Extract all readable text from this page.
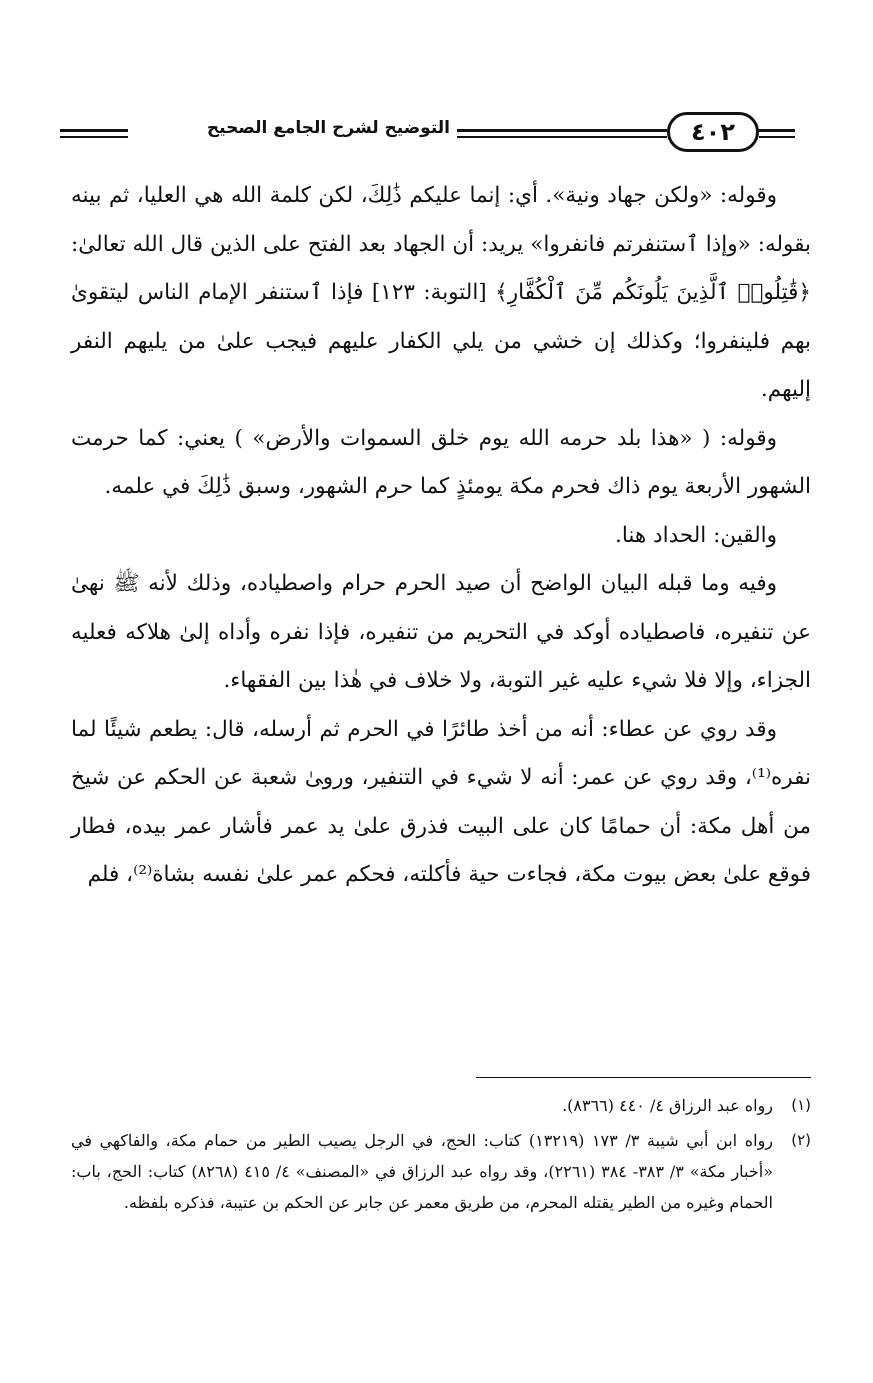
٤٠٢
التوضيح لشرح الجامع الصحيح

وقوله: «ولكن جهاد ونية». أي: إنما عليكم ذَٰلِكَ، لكن كلمة الله هي العليا، ثم بينه بقوله: «وإذا ٱستنفرتم فانفروا» يريد: أن الجهاد بعد الفتح على الذين قال الله تعالىٰ: ﴿قَٰتِلُوا۟ ٱلَّذِينَ يَلُونَكُم مِّنَ ٱلْكُفَّارِ﴾ [التوبة: ١٢٣] فإذا ٱستنفر الإمام الناس ليتقوىٰ بهم فلينفروا؛ وكذلك إن خشي من يلي الكفار عليهم فيجب علىٰ من يليهم النفر إليهم.

وقوله: ( «هذا بلد حرمه الله يوم خلق السموات والأرض» ) يعني: كما حرمت الشهور الأربعة يوم ذاك فحرم مكة يومئذٍ كما حرم الشهور، وسبق ذَٰلِكَ في علمه.

والقين: الحداد هنا.

وفيه وما قبله البيان الواضح أن صيد الحرم حرام واصطياده، وذلك لأنه ﷺ نهىٰ عن تنفيره، فاصطياده أوكد في التحريم من تنفيره، فإذا نفره وأداه إلىٰ هلاكه فعليه الجزاء، وإلا فلا شيء عليه غير التوبة، ولا خلاف في هٰذا بين الفقهاء.

وقد روي عن عطاء: أنه من أخذ طائرًا في الحرم ثم أرسله، قال: يطعم شيئًا لما نفره⁽¹⁾، وقد روي عن عمر: أنه لا شيء في التنفير، ورو‍ىٰ شعبة عن الحكم عن شيخ من أهل مكة: أن حمامًا كان على البيت فذرق علىٰ يد عمر فأشار عمر بيده، فطار فوقع علىٰ بعض بيوت مكة، فجاءت حية فأكلته، فحكم عمر علىٰ نفسه بشاة⁽²⁾، فلم

(١)
رواه عبد الرزاق ٤/ ٤٤٠ (٨٣٦٦).

(٢)
رواه ابن أبي شيبة ٣/ ١٧٣ (١٣٢١٩) كتاب: الحج، في الرجل يصيب الطير من حمام مكة، والفاكهي في «أخبار مكة» ٣/ ٣٨٣- ٣٨٤ (٢٢٦١)، وقد رواه عبد الرزاق في «المصنف» ٤/ ٤١٥ (٨٢٦٨) كتاب: الحج، باب: الحمام وغيره من الطير يقتله المحرم، من طريق معمر عن جابر عن الحكم بن عتيبة، فذكره بلفظه.
